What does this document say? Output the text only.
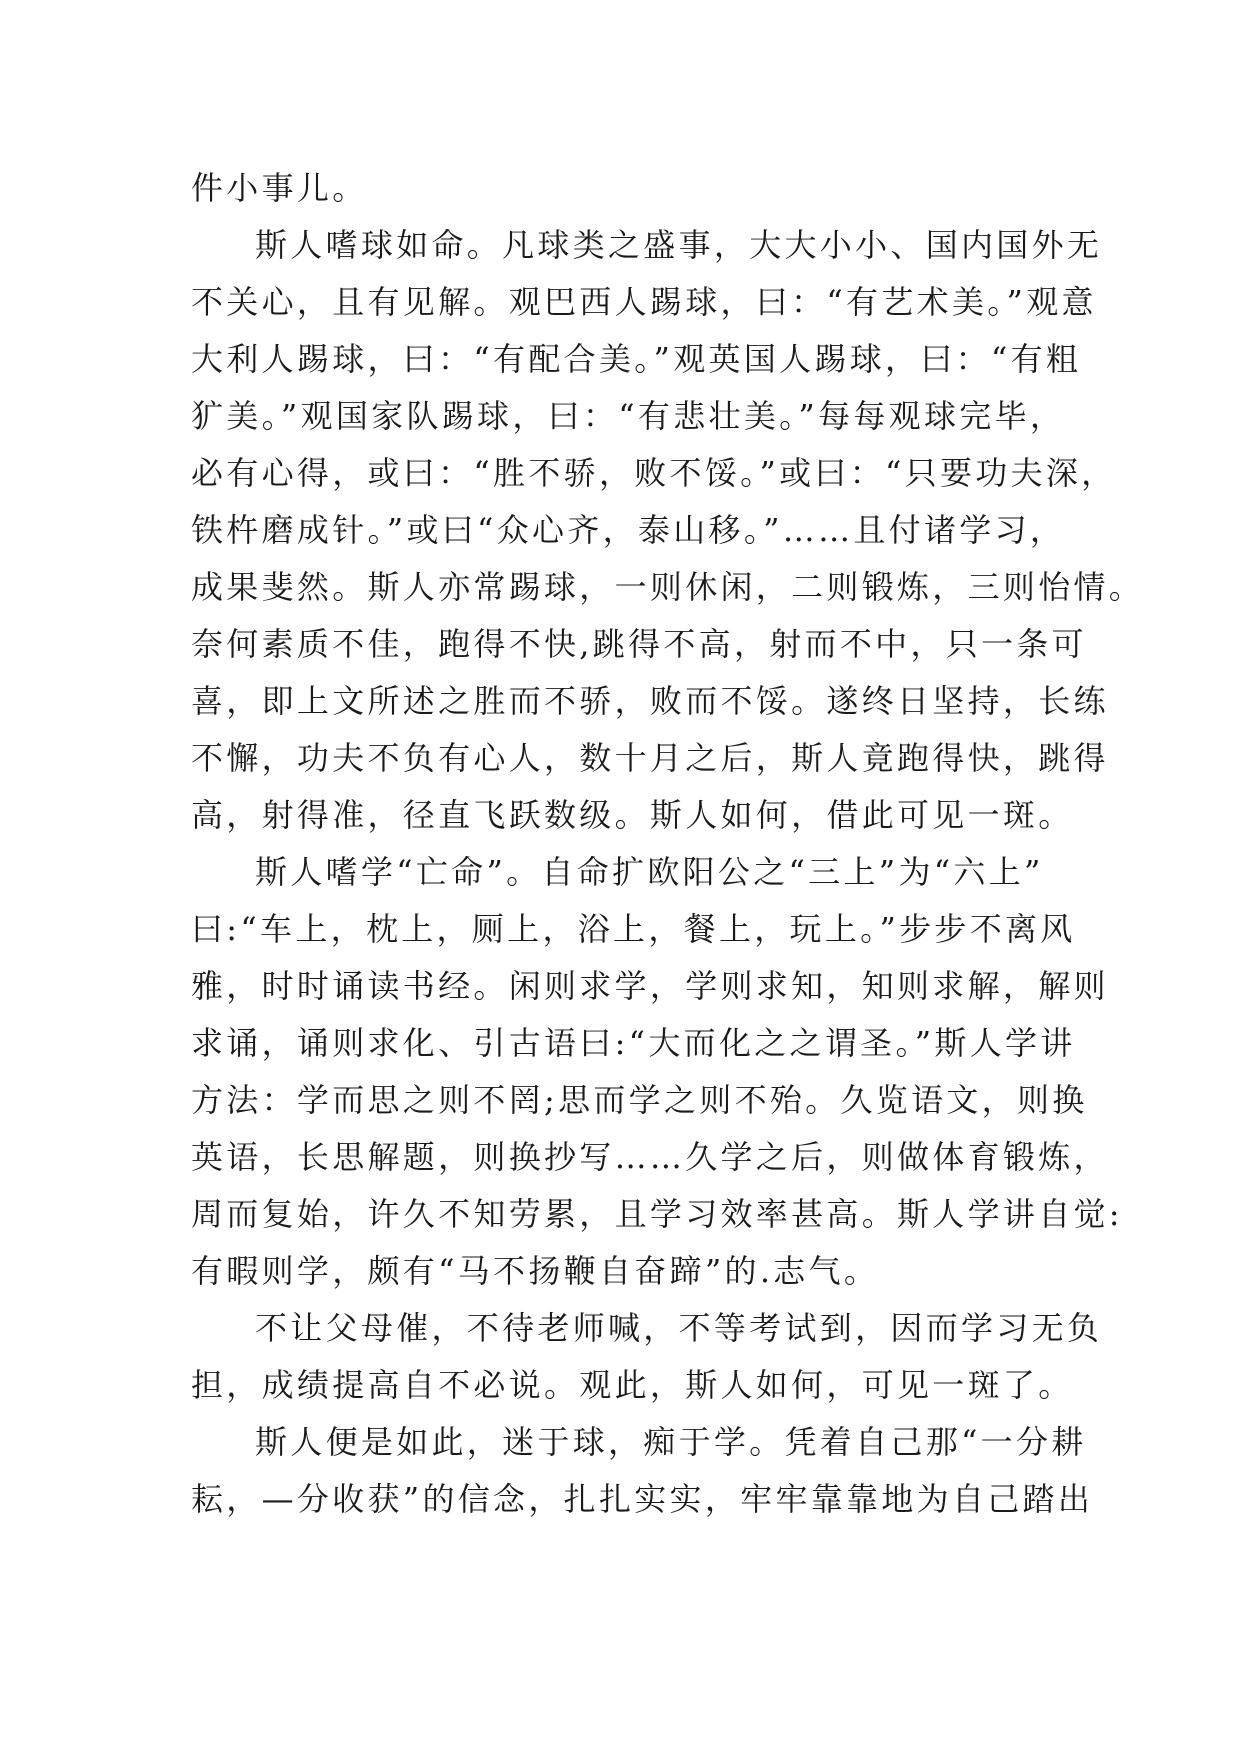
件小事儿。
斯人嗜球如命。凡球类之盛事，大大小小、国内国外无
不关心，且有见解。观巴西人踢球，曰：“有艺术美。”观意
大利人踢球，曰：“有配合美。”观英国人踢球，曰：“有粗
犷美。”观国家队踢球，曰：“有悲壮美。”每每观球完毕，
必有心得，或曰：“胜不骄，败不馁。”或曰：“只要功夫深，
铁杵磨成针。”或曰“众心齐，泰山移。”……且付诸学习，
成果斐然。斯人亦常踢球，一则休闲，二则锻炼，三则怡情。
奈何素质不佳，跑得不快,跳得不高，射而不中，只一条可
喜，即上文所述之胜而不骄，败而不馁。遂终日坚持，长练
不懈，功夫不负有心人，数十月之后，斯人竟跑得快，跳得
高，射得准，径直飞跃数级。斯人如何，借此可见一斑。
斯人嗜学“亡命”。自命扩欧阳公之“三上”为“六上”
曰:“车上，枕上，厕上，浴上，餐上，玩上。”步步不离风
雅，时时诵读书经。闲则求学，学则求知，知则求解，解则
求诵，诵则求化、引古语曰:“大而化之之谓圣。”斯人学讲
方法：学而思之则不罔;思而学之则不殆。久览语文，则换
英语，长思解题，则换抄写……久学之后，则做体育锻炼，
周而复始，许久不知劳累，且学习效率甚高。斯人学讲自觉:
有暇则学，颇有“马不扬鞭自奋蹄”的.志气。
不让父母催，不待老师喊，不等考试到，因而学习无负
担，成绩提高自不必说。观此，斯人如何，可见一斑了。
斯人便是如此，迷于球，痴于学。凭着自己那“一分耕
耘，—分收获”的信念，扎扎实实，牢牢靠靠地为自己踏出
